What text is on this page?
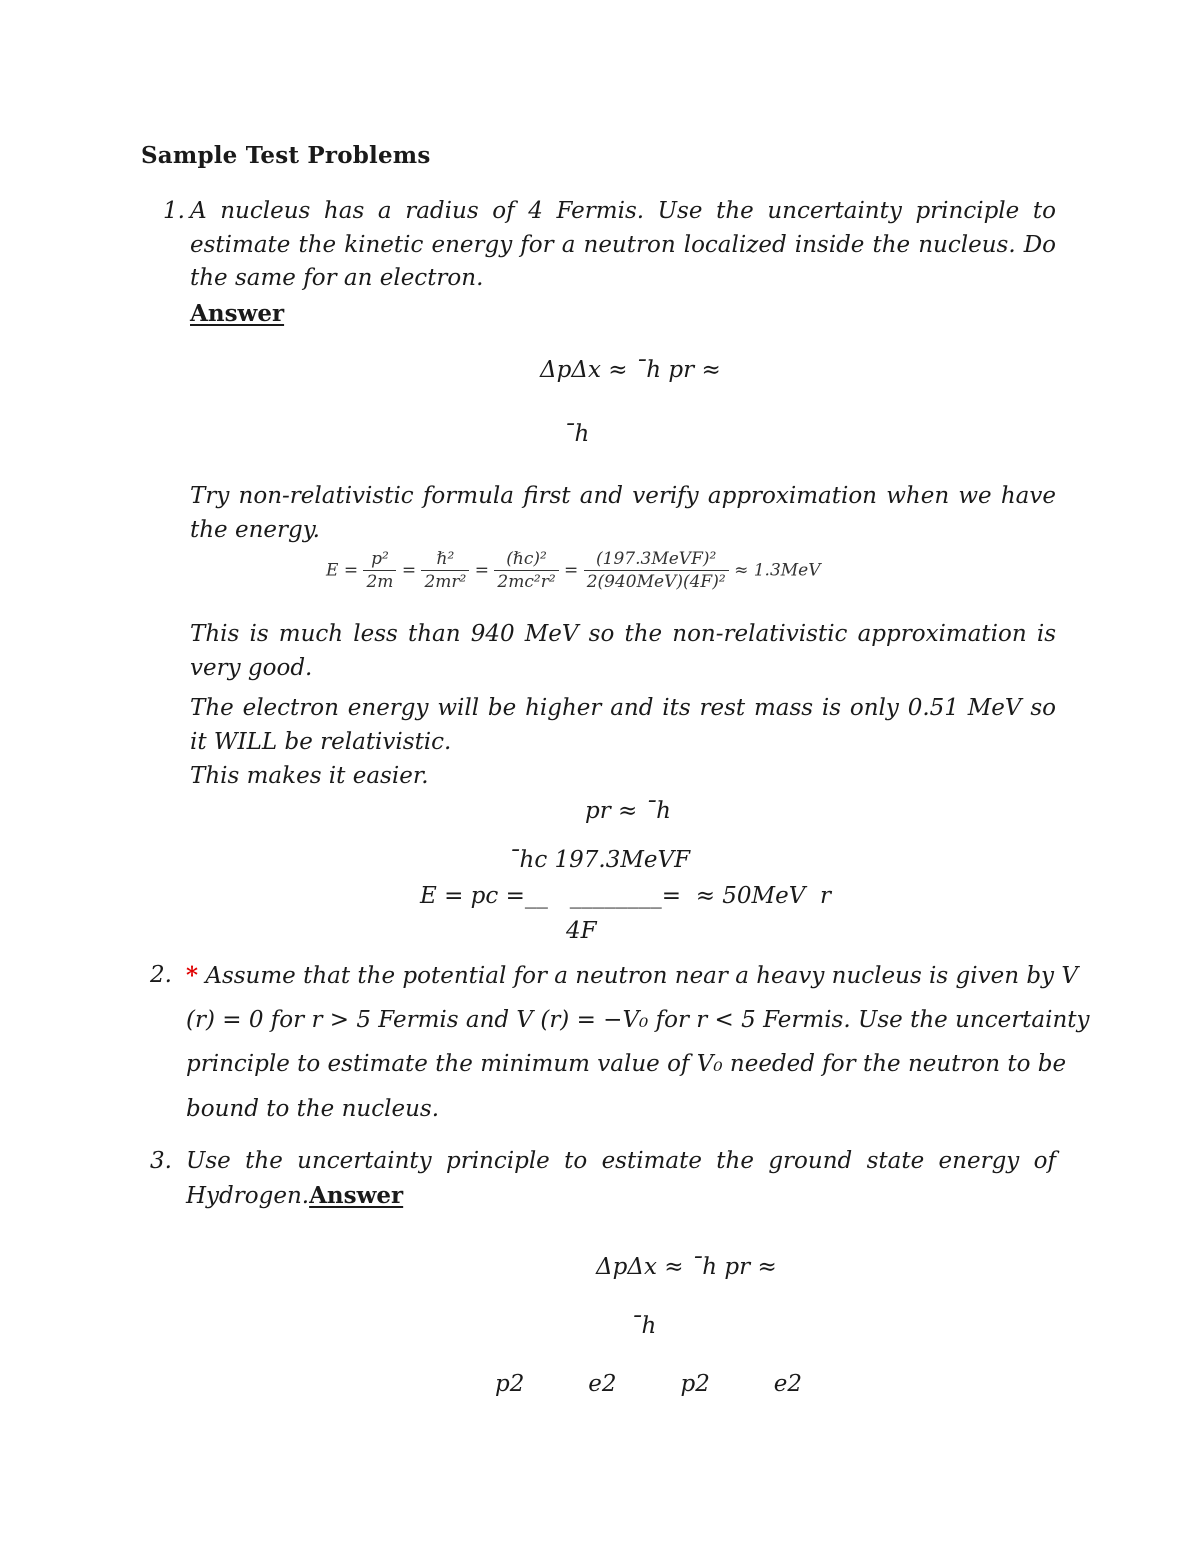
Sample Test Problems
1. A nucleus has a radius of 4 Fermis. Use the uncertainty principle to estimate the kinetic energy for a neutron localized inside the nucleus. Do the same for an electron.
Answer
ΔpΔx ≈ ˉh pr ≈
ˉh
Try non-relativistic formula first and verify approximation when we have the energy.
$E = \frac{\text{p²}}{2m} = \frac{\text{ℏ²}}{\text{2mr²}} = \frac{\text{(ℏc)²}}{\text{2mc²r²}} = \frac{\text{(197.3MeVF)²}}{\text{2(940MeV)(4F)²}} \approx 1.3MeV$
This is much less than 940 MeV so the non-relativistic approximation is very good.
The electron energy will be higher and its rest mass is only 0.51 MeV so it WILL be relativistic.
This makes it easier.
pr ≈ ˉh
ˉhc 197.3MeVF
E = pc =__   ________=  ≈ 50MeV  r
4F
2. * Assume that the potential for a neutron near a heavy nucleus is given by V
(r) = 0 for r > 5 Fermis and V (r) = −V₀ for r < 5 Fermis. Use the uncertainty
principle to estimate the minimum value of V₀ needed for the neutron to be
bound to the nucleus.
3. Use the uncertainty principle to estimate the ground state energy of Hydrogen.Answer
ΔpΔx ≈ ˉh pr ≈
ˉh
p2   e2   p2   e2
